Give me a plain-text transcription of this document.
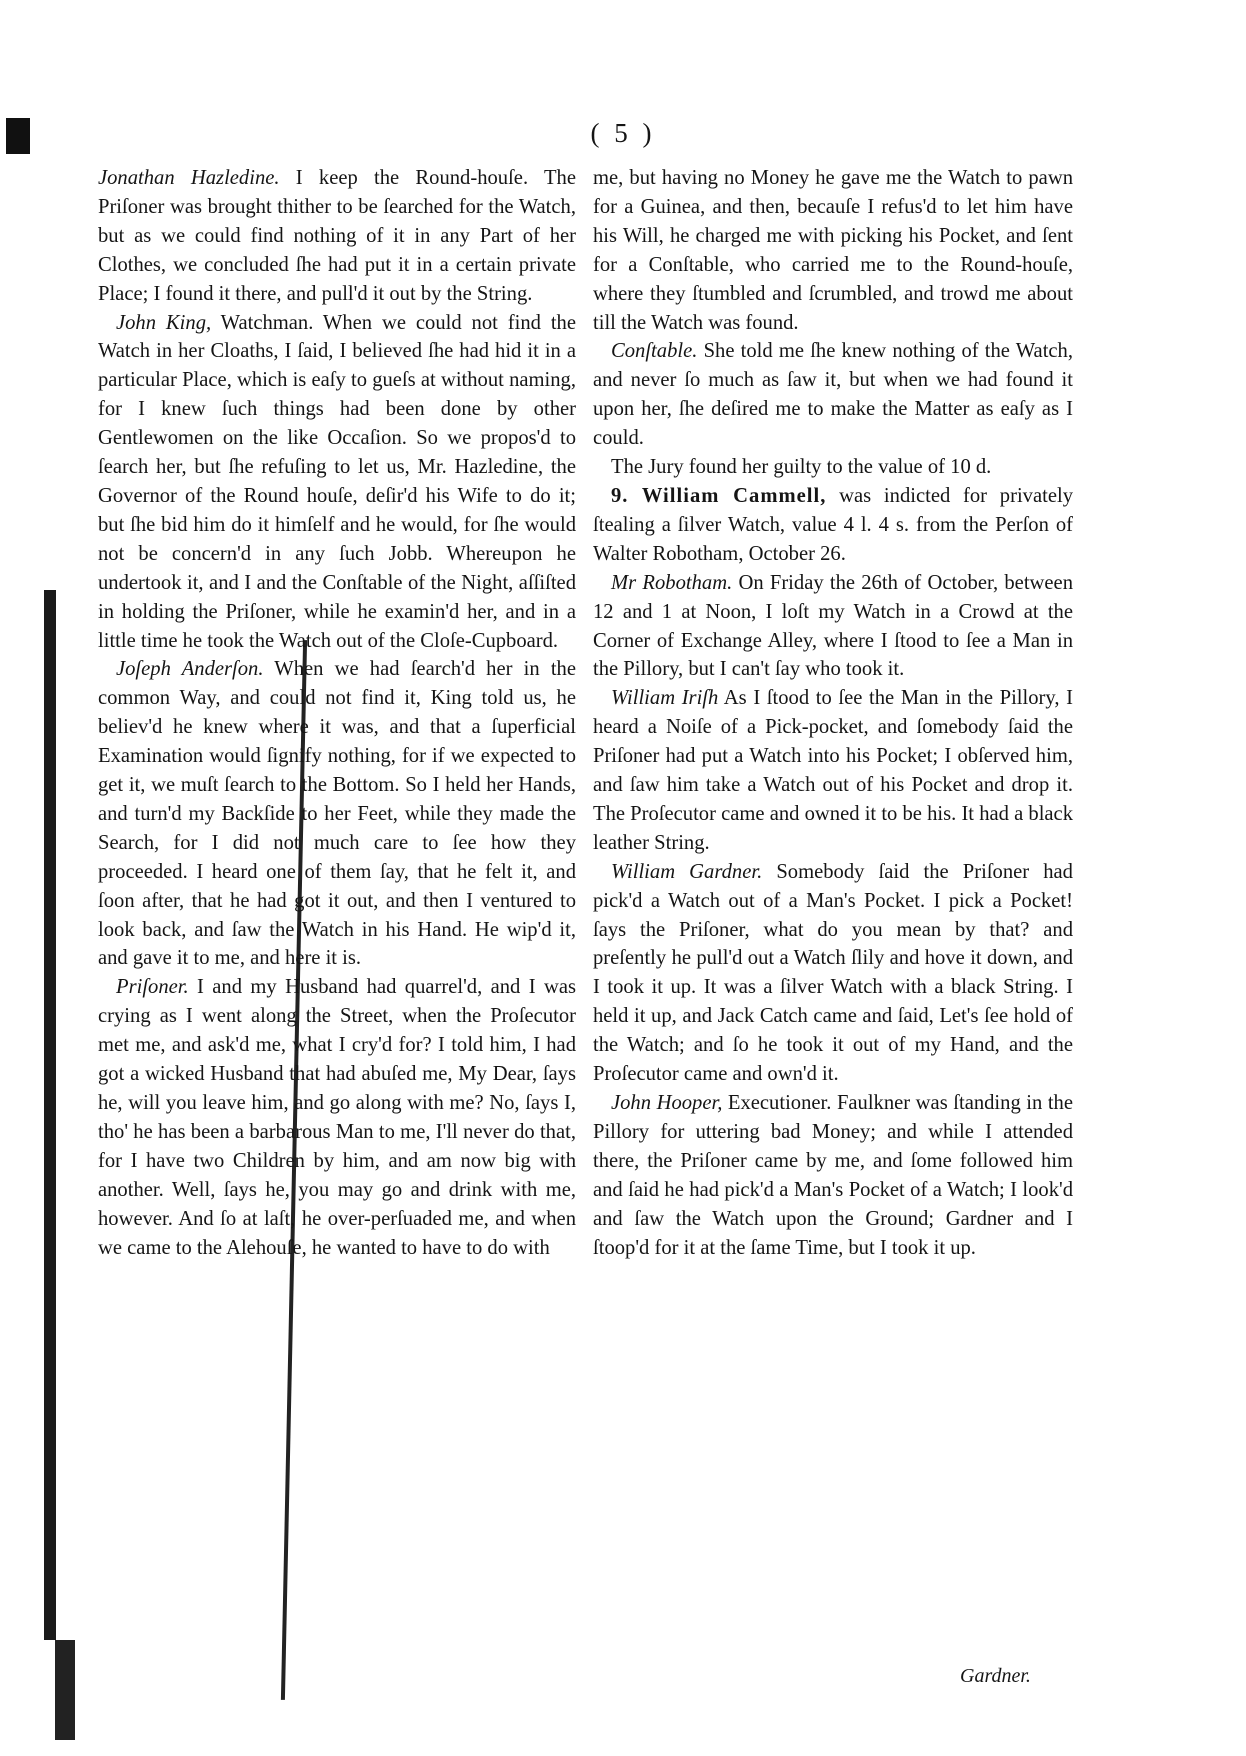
( 5 )

Jonathan Hazledine. I keep the Round-houſe. The Priſoner was brought thither to be ſearched for the Watch, but as we could find nothing of it in any Part of her Clothes, we concluded ſhe had put it in a certain private Place; I found it there, and pull'd it out by the String.

John King, Watchman. When we could not find the Watch in her Cloaths, I ſaid, I believed ſhe had hid it in a particular Place, which is eaſy to gueſs at without naming, for I knew ſuch things had been done by other Gentlewomen on the like Occaſion. So we propos'd to ſearch her, but ſhe refuſing to let us, Mr. Hazledine, the Governor of the Round houſe, deſir'd his Wife to do it; but ſhe bid him do it himſelf and he would, for ſhe would not be concern'd in any ſuch Jobb. Whereupon he undertook it, and I and the Conſtable of the Night, aſſiſted in holding the Priſoner, while he examin'd her, and in a little time he took the Watch out of the Cloſe-Cupboard.

Joſeph Anderſon. When we had ſearch'd her in the common Way, and could not find it, King told us, he believ'd he knew where it was, and that a ſuperficial Examination would ſignify nothing, for if we expected to get it, we muſt ſearch to the Bottom. So I held her Hands, and turn'd my Backſide to her Feet, while they made the Search, for I did not much care to ſee how they proceeded. I heard one of them ſay, that he felt it, and ſoon after, that he had got it out, and then I ventured to look back, and ſaw the Watch in his Hand. He wip'd it, and gave it to me, and here it is.

Priſoner. I and my Husband had quarrel'd, and I was crying as I went along the Street, when the Proſecutor met me, and ask'd me, what I cry'd for? I told him, I had got a wicked Husband that had abuſed me, My Dear, ſays he, will you leave him, and go along with me? No, ſays I, tho' he has been a barbarous Man to me, I'll never do that, for I have two Children by him, and am now big with another. Well, ſays he, you may go and drink with me, however. And ſo at laſt, he over-perſuaded me, and when we came to the Alehouſe, he wanted to have to do with

me, but having no Money he gave me the Watch to pawn for a Guinea, and then, becauſe I refus'd to let him have his Will, he charged me with picking his Pocket, and ſent for a Conſtable, who carried me to the Round-houſe, where they ſtumbled and ſcrumbled, and trowd me about till the Watch was found.

Conſtable. She told me ſhe knew nothing of the Watch, and never ſo much as ſaw it, but when we had found it upon her, ſhe deſired me to make the Matter as eaſy as I could.

The Jury found her guilty to the value of 10 d.

9. William Cammell, was indicted for privately ſtealing a ſilver Watch, value 4 l. 4 s. from the Perſon of Walter Robotham, October 26.

Mr Robotham. On Friday the 26th of October, between 12 and 1 at Noon, I loſt my Watch in a Crowd at the Corner of Exchange Alley, where I ſtood to ſee a Man in the Pillory, but I can't ſay who took it.

William Iriſh As I ſtood to ſee the Man in the Pillory, I heard a Noiſe of a Pick-pocket, and ſomebody ſaid the Priſoner had put a Watch into his Pocket; I obſerved him, and ſaw him take a Watch out of his Pocket and drop it. The Proſecutor came and owned it to be his. It had a black leather String.

William Gardner. Somebody ſaid the Priſoner had pick'd a Watch out of a Man's Pocket. I pick a Pocket! ſays the Priſoner, what do you mean by that? and preſently he pull'd out a Watch ſlily and hove it down, and I took it up. It was a ſilver Watch with a black String. I held it up, and Jack Catch came and ſaid, Let's ſee hold of the Watch; and ſo he took it out of my Hand, and the Proſecutor came and own'd it.

John Hooper, Executioner. Faulkner was ſtanding in the Pillory for uttering bad Money; and while I attended there, the Priſoner came by me, and ſome followed him and ſaid he had pick'd a Man's Pocket of a Watch; I look'd and ſaw the Watch upon the Ground; Gardner and I ſtoop'd for it at the ſame Time, but I took it up.

Gardner.
